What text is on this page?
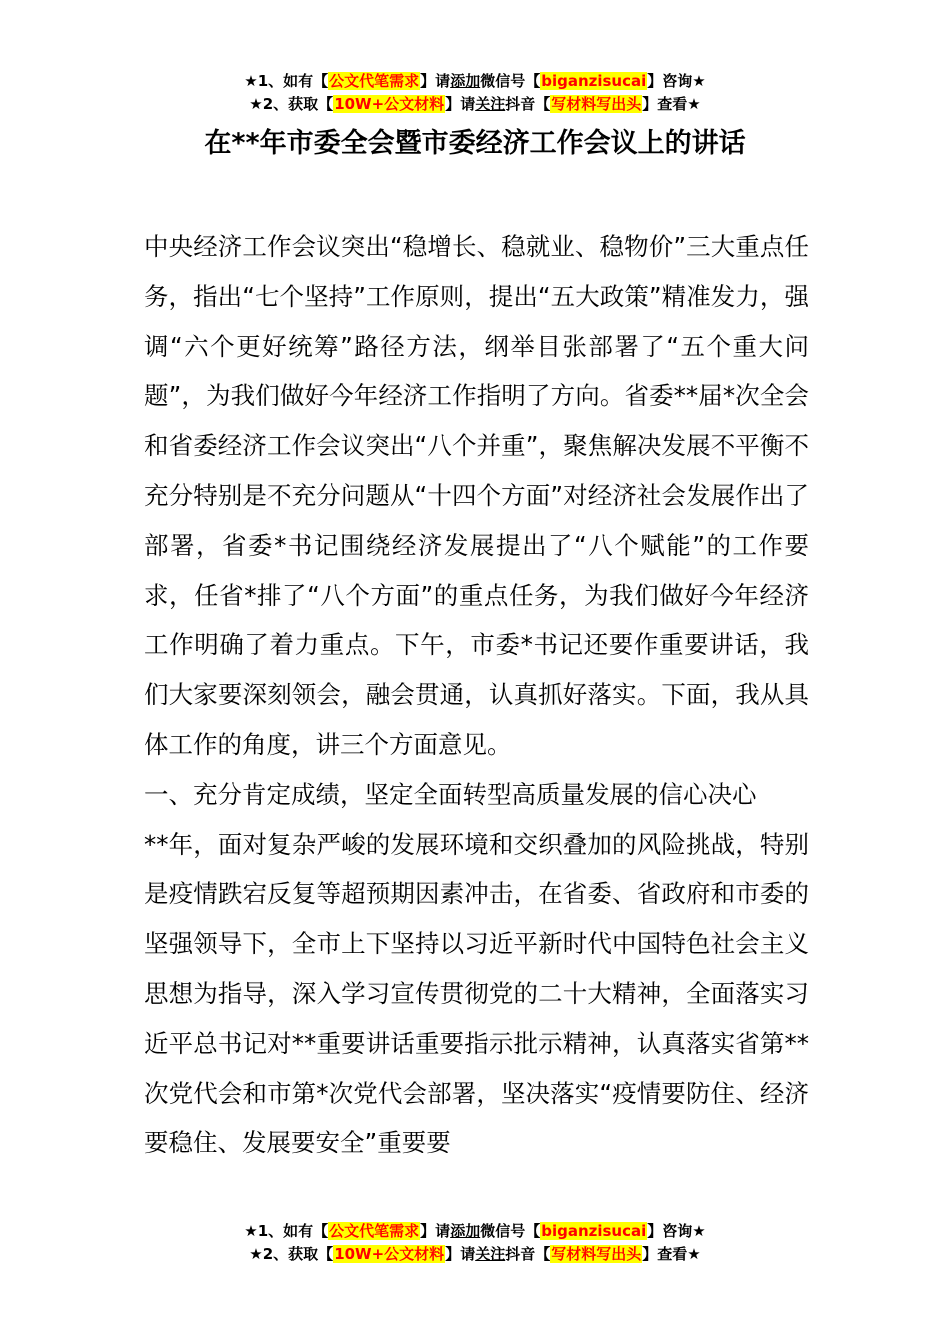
★1、如有【公文代笔需求】请添加微信号【biganzisucai】咨询★
★2、获取【10W+公文材料】请关注抖音【写材料写出头】查看★
在**年市委全会暨市委经济工作会议上的讲话

中央经济工作会议突出“稳增长、稳就业、稳物价”三大重点任务，指出“七个坚持”工作原则，提出“五大政策”精准发力，强调“六个更好统筹”路径方法，纲举目张部署了“五个重大问题”，为我们做好今年经济工作指明了方向。省委**届*次全会和省委经济工作会议突出“八个并重”，聚焦解决发展不平衡不充分特别是不充分问题从“十四个方面”对经济社会发展作出了部署，省委*书记围绕经济发展提出了“八个赋能”的工作要求，任省*排了“八个方面”的重点任务，为我们做好今年经济工作明确了着力重点。下午，市委*书记还要作重要讲话，我们大家要深刻领会，融会贯通，认真抓好落实。下面，我从具体工作的角度，讲三个方面意见。

一、充分肯定成绩，坚定全面转型高质量发展的信心决心

**年，面对复杂严峻的发展环境和交织叠加的风险挑战，特别是疫情跌宕反复等超预期因素冲击，在省委、省政府和市委的坚强领导下，全市上下坚持以习近平新时代中国特色社会主义思想为指导，深入学习宣传贯彻党的二十大精神，全面落实习近平总书记对**重要讲话重要指示批示精神，认真落实省第**次党代会和市第*次党代会部署，坚决落实“疫情要防住、经济要稳住、发展要安全”重要要

★1、如有【公文代笔需求】请添加微信号【biganzisucai】咨询★
★2、获取【10W+公文材料】请关注抖音【写材料写出头】查看★
